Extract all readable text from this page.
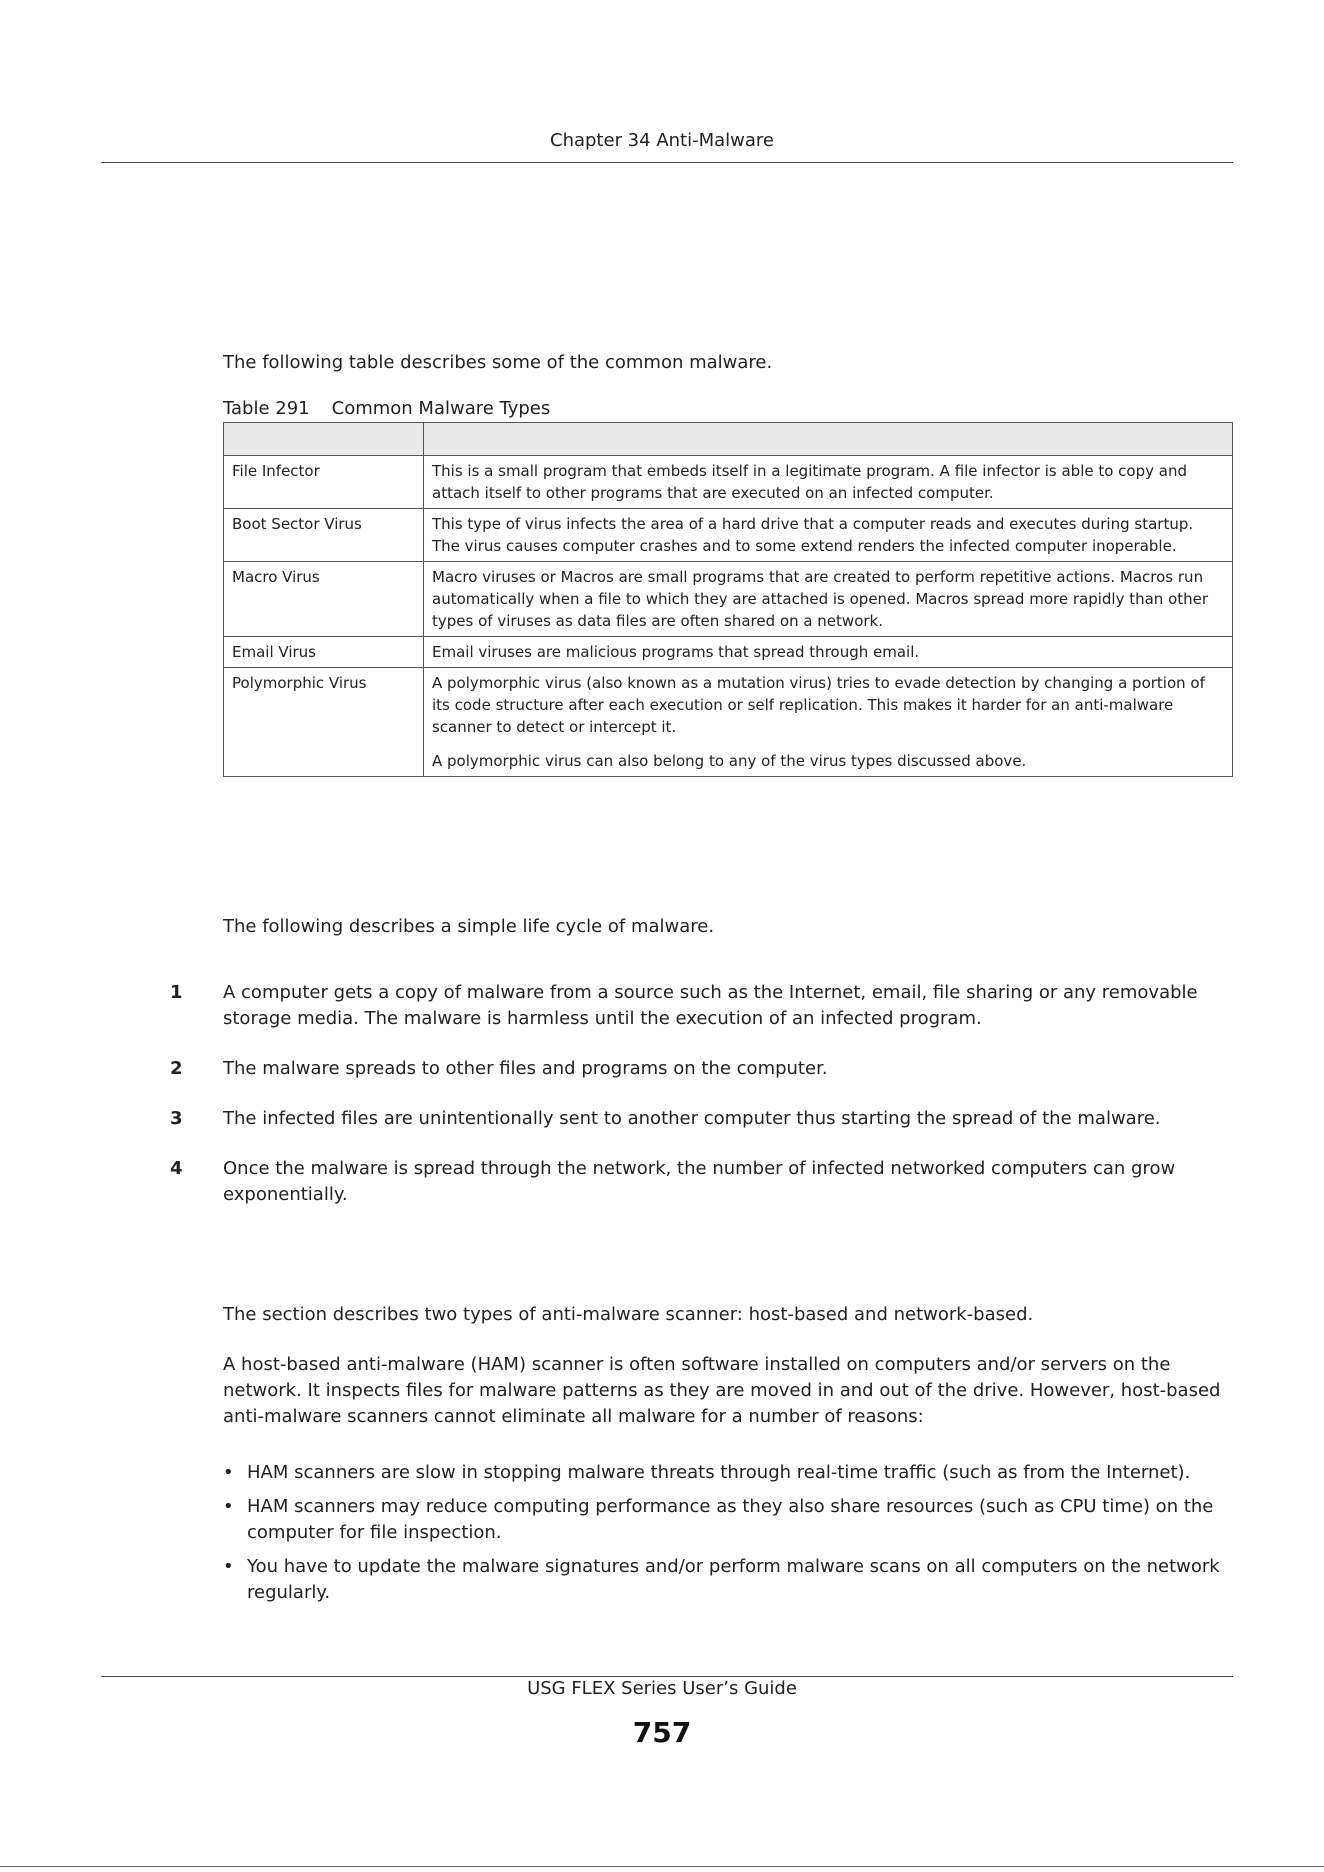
Chapter 34 Anti-Malware
The following table describes some of the common malware.
Table 291 Common Malware Types

File Infector	This is a small program that embeds itself in a legitimate program. A file infector is able to copy and attach itself to other programs that are executed on an infected computer.

Boot Sector Virus	This type of virus infects the area of a hard drive that a computer reads and executes during startup. The virus causes computer crashes and to some extend renders the infected computer inoperable.

Macro Virus	Macro viruses or Macros are small programs that are created to perform repetitive actions. Macros run automatically when a file to which they are attached is opened. Macros spread more rapidly than other types of viruses as data files are often shared on a network.

Email Virus	Email viruses are malicious programs that spread through email.

Polymorphic Virus	A polymorphic virus (also known as a mutation virus) tries to evade detection by changing a portion of its code structure after each execution or self replication. This makes it harder for an anti-malware scanner to detect or intercept it.

A polymorphic virus can also belong to any of the virus types discussed above.

The following describes a simple life cycle of malware.
1	A computer gets a copy of malware from a source such as the Internet, email, file sharing or any removable storage media. The malware is harmless until the execution of an infected program.
2	The malware spreads to other files and programs on the computer.
3	The infected files are unintentionally sent to another computer thus starting the spread of the malware.
4	Once the malware is spread through the network, the number of infected networked computers can grow exponentially.
The section describes two types of anti-malware scanner: host-based and network-based.
A host-based anti-malware (HAM) scanner is often software installed on computers and/or servers on the network. It inspects files for malware patterns as they are moved in and out of the drive. However, host-based anti-malware scanners cannot eliminate all malware for a number of reasons:
• HAM scanners are slow in stopping malware threats through real-time traffic (such as from the Internet).
• HAM scanners may reduce computing performance as they also share resources (such as CPU time) on the computer for file inspection.
• You have to update the malware signatures and/or perform malware scans on all computers on the network regularly.
USG FLEX Series User’s Guide
757
